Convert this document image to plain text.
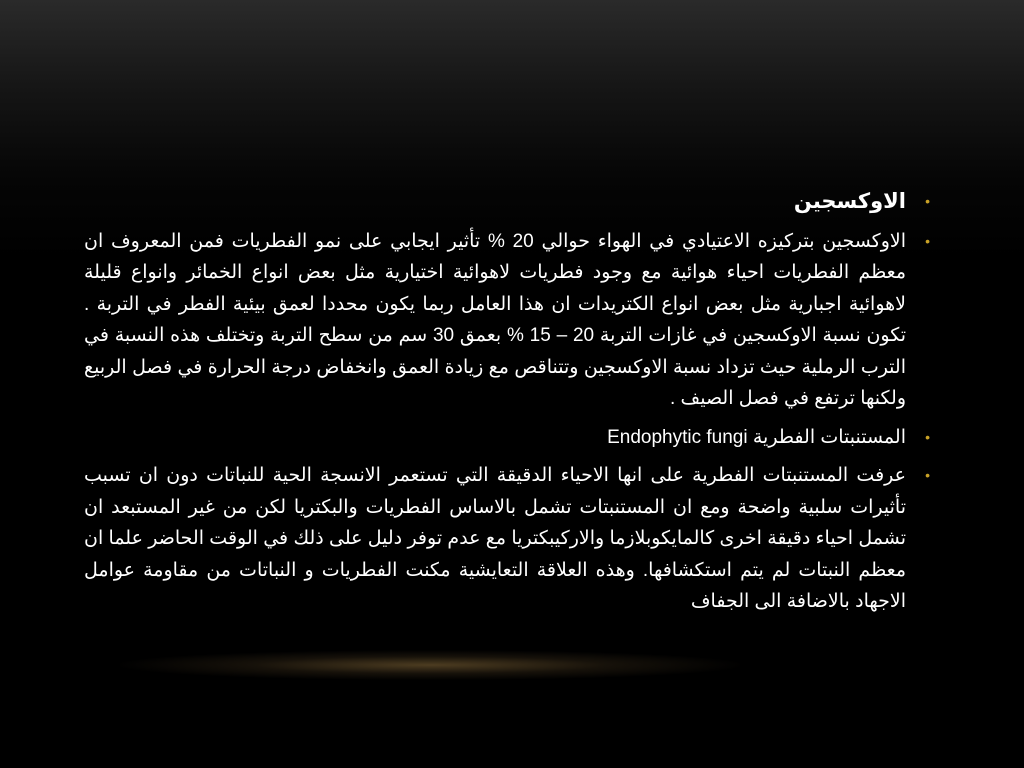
•
الاوكسجين
•
الاوكسجين بتركيزه الاعتيادي في الهواء حوالي 20 % تأثير ايجابي على نمو الفطريات فمن المعروف ان معظم الفطريات احياء هوائية مع وجود فطريات لاهوائية اختيارية مثل بعض انواع الخمائر وانواع قليلة لاهوائية اجبارية مثل بعض انواع الكتريدات ان هذا العامل ربما يكون محددا لعمق بيئية الفطر في التربة . تكون نسبة الاوكسجين في غازات التربة 20 – 15 % بعمق 30 سم من سطح التربة وتختلف هذه النسبة في الترب الرملية حيث تزداد نسبة الاوكسجين وتتناقص مع زيادة العمق وانخفاض درجة الحرارة في فصل الربيع ولكنها ترتفع في فصل الصيف .
•
المستنبتات الفطرية Endophytic fungi
•
عرفت المستنبتات الفطرية على انها الاحياء الدقيقة التي تستعمر الانسجة الحية للنباتات دون ان تسبب تأثيرات سلبية واضحة ومع ان المستنبتات تشمل بالاساس الفطريات والبكتريا لكن من غير المستبعد ان تشمل احياء دقيقة اخرى كالمايكوبلازما والاركيبكتريا مع عدم توفر دليل على ذلك في الوقت الحاضر علما ان معظم النبتات لم يتم استكشافها. وهذه العلاقة التعايشية مكنت الفطريات و النباتات من مقاومة عوامل الاجهاد بالاضافة الى الجفاف
